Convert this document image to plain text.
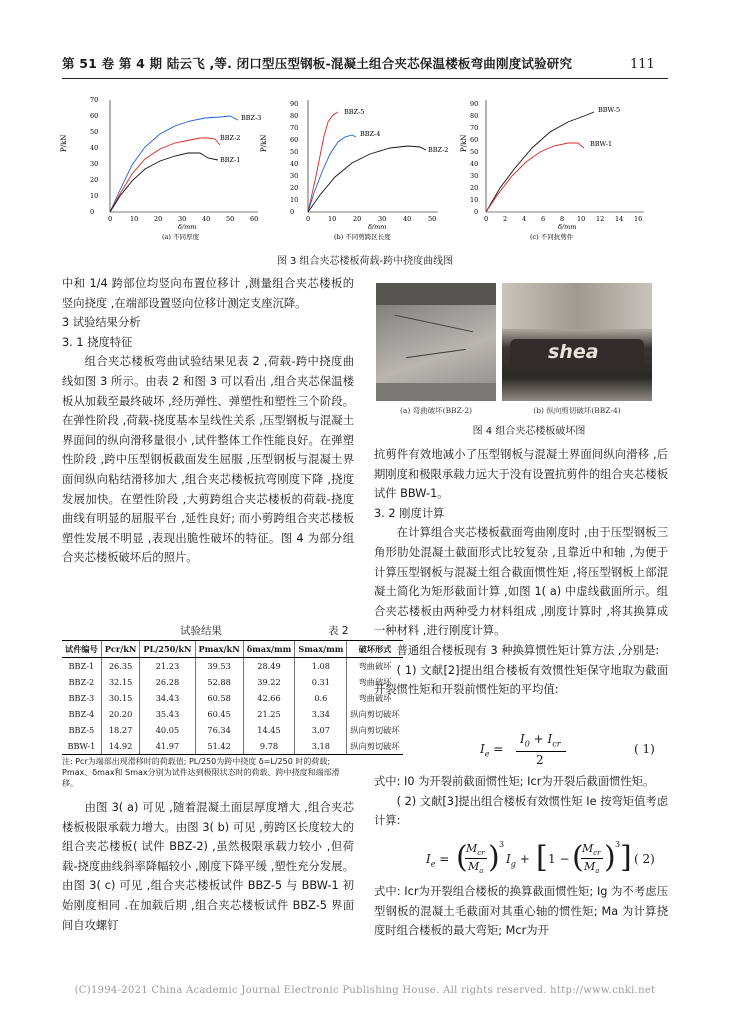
第 51 卷 第 4 期 陆云飞 ,等. 闭口型压型钢板-混凝土组合夹芯保温楼板弯曲刚度试验研究	111
P/kN
0
10
20
30
40
50
60
70
0	10 20 30 40 50 60
δ/mm
(a) 不同厚度
BBZ-3
BBZ-2
BBZ-1
P/kN
0
10
20
30
40
50
60
70
80
90
0	10	20	30	40	50
δ/mm
(b) 不同剪跨区长度
BBZ-5
BBZ-4
BBZ-2 P/kN
0
10
20
30
40
50
60
70
80
90
0 2 4 6 8 10 12 14 16
δ/mm
(c) 不同抗剪件
BBW-5
BBW-1
图 3 组合夹芯楼板荷载-跨中挠度曲线图

中和 1/4 跨部位均竖向布置位移计 ,测量组合夹芯楼板的竖向挠度 ,在端部设置竖向位移计测定支座沉降。

3 试验结果分析

3. 1 挠度特征

组合夹芯楼板弯曲试验结果见表 2 ,荷载-跨中挠度曲线如图 3 所示。由表 2 和图 3 可以看出 ,组合夹芯保温楼板从加载至最终破坏 ,经历弹性、弹塑性和塑性三个阶段。在弹性阶段 ,荷载-挠度基本呈线性关系 ,压型钢板与混凝土界面间的纵向滑移量很小 ,试件整体工作性能良好。在弹塑性阶段 ,跨中压型钢板截面发生屈服 ,压型钢板与混凝土界面间纵向粘结滑移加大 ,组合夹芯楼板抗弯刚度下降 ,挠度发展加快。在塑性阶段 ,大剪跨组合夹芯楼板的荷载-挠度曲线有明显的屈服平台 ,延性良好; 而小剪跨组合夹芯楼板塑性发展不明显 ,表现出脆性破坏的特征。图 4 为部分组合夹芯楼板破坏后的照片。

试验结果	表 2
试件编号	Pcr/kN	PL/250/kN	Pmax/kN	δmax/mm	Smax/mm	破坏形式
BBZ-1	26.35	21.23	39.53	28.49	1.08	弯曲破坏
BBZ-2	32.15	26.28	52.88	39.22	0.31	弯曲破坏
BBZ-3	30.15	34.43	60.58	42.66	0.6	弯曲破坏
BBZ-4	20.20	35.43	60.45	21.25	3.34	纵向剪切破坏
BBZ-5	18.27	40.05	76.34	14.45	3.07	纵向剪切破坏
BBW-1	14.92	41.97	51.42	9.78	3.18	纵向剪切破坏
注: Pcr为端部出现滑移时的荷载值; PL/250为跨中挠度 δ=L/250 时的荷载; Pmax、δmax和 Smax分别为试件达到极限状态时的荷载、跨中挠度和端部滑移。

由图 3( a) 可见 ,随着混凝土面层厚度增大 ,组合夹芯楼板极限承载力增大。由图 3( b) 可见 ,剪跨区长度较大的组合夹芯楼板( 试件 BBZ-2) ,虽然极限承载力较小 ,但荷载-挠度曲线斜率降幅较小 ,刚度下降平缓 ,塑性充分发展。由图 3( c) 可见 ,组合夹芯楼板试件 BBZ-5 与 BBW-1 初始刚度相同 .在加载后期 ,组合夹芯楼板试件 BBZ-5 界面间自攻螺钉

shea
(a) 弯曲破坏(BBZ-2)	(b) 纵向剪切破坏(BBZ-4)
图 4 组合夹芯楼板破坏图

抗剪件有效地减小了压型钢板与混凝土界面间纵向滑移 ,后期刚度和极限承载力远大于没有设置抗剪件的组合夹芯楼板试件 BBW-1。

3. 2 刚度计算

在计算组合夹芯楼板截面弯曲刚度时 ,由于压型钢板三角形肋处混凝土截面形式比较复杂 ,且靠近中和轴 ,为便于计算压型钢板与混凝土组合截面惯性矩 ,将压型钢板上部混凝土简化为矩形截面计算 ,如图 1( a) 中虚线截面所示。组合夹芯楼板由两种受力材料组成 ,刚度计算时 ,将其换算成一种材料 ,进行刚度计算。

普通组合楼板现有 3 种换算惯性矩计算方法 ,分别是:

( 1) 文献[2]提出组合楼板有效惯性矩保守地取为截面开裂惯性矩和开裂前惯性矩的平均值:

$I_e$ =
$I_0 + I_{cr}$
2
( 1)

式中: I0 为开裂前截面惯性矩; Icr为开裂后截面惯性矩。

( 2) 文献[3]提出组合楼板有效惯性矩 Ie 按弯矩值考虑计算:

$I_e$ = (
$M_{cr}$
$M_a$ ) 3
$I_g$ + [ 1 − (
$M_{cr}$
$M_a$ ) 3 ] ( 2)

式中: Icr为开裂组合楼板的换算截面惯性矩; Ig 为不考虑压型钢板的混凝土毛截面对其重心轴的惯性矩; Ma 为计算挠度时组合楼板的最大弯矩; Mcr为开

(C)1994-2021 China Academic Journal Electronic Publishing House. All rights reserved. http://www.cnki.net
